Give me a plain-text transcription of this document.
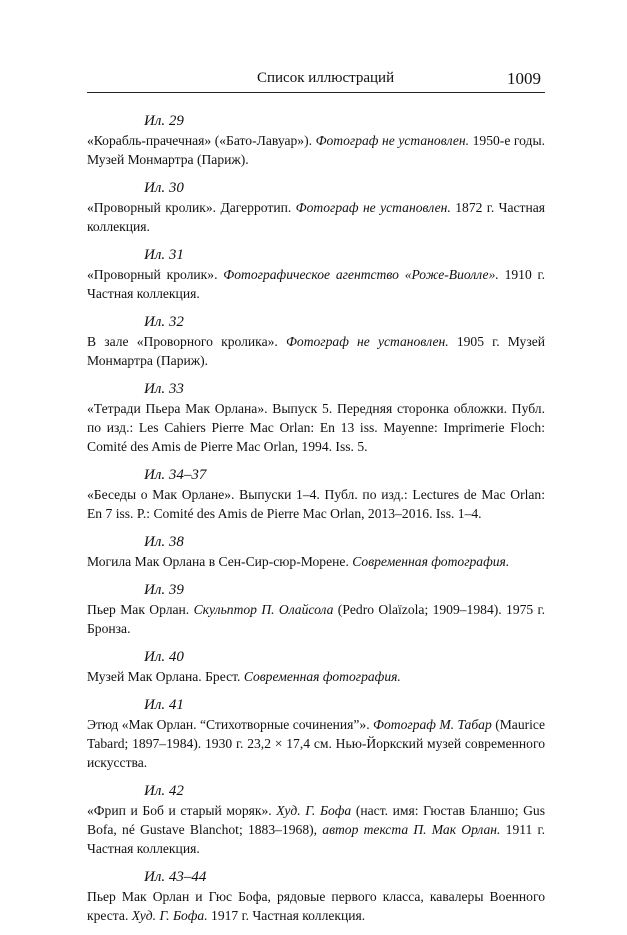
Список иллюстраций	1009
Ил. 29
«Корабль-прачечная» («Бато-Лавуар»). Фотограф не установлен. 1950-е годы. Музей Монмартра (Париж).
Ил. 30
«Проворный кролик». Дагерротип. Фотограф не установлен. 1872 г. Частная коллекция.
Ил. 31
«Проворный кролик». Фотографическое агентство «Роже-Виолле». 1910 г. Частная коллекция.
Ил. 32
В зале «Проворного кролика». Фотограф не установлен. 1905 г. Музей Монмартра (Париж).
Ил. 33
«Тетради Пьера Мак Орлана». Выпуск 5. Передняя сторонка обложки. Публ. по изд.: Les Cahiers Pierre Mac Orlan: En 13 iss. Mayenne: Imprimerie Floch: Comité des Amis de Pierre Mac Orlan, 1994. Iss. 5.
Ил. 34–37
«Беседы о Мак Орлане». Выпуски 1–4. Публ. по изд.: Lectures de Mac Orlan: En 7 iss. P.: Comité des Amis de Pierre Mac Orlan, 2013–2016. Iss. 1–4.
Ил. 38
Могила Мак Орлана в Сен-Сир-сюр-Морене. Современная фотография.
Ил. 39
Пьер Мак Орлан. Скульптор П. Олайсола (Pedro Olaïzola; 1909–1984). 1975 г. Бронза.
Ил. 40
Музей Мак Орлана. Брест. Современная фотография.
Ил. 41
Этюд «Мак Орлан. “Стихотворные сочинения”». Фотограф М. Табар (Maurice Tabard; 1897–1984). 1930 г. 23,2 × 17,4 см. Нью-Йоркский музей современного искусства.
Ил. 42
«Фрип и Боб и старый моряк». Худ. Г. Бофа (наст. имя: Гюстав Бланшо; Gus Bofa, né Gustave Blanchot; 1883–1968), автор текста П. Мак Орлан. 1911 г. Частная коллекция.
Ил. 43–44
Пьер Мак Орлан и Гюс Бофа, рядовые первого класса, кавалеры Военного креста. Худ. Г. Бофа. 1917 г. Частная коллекция.
